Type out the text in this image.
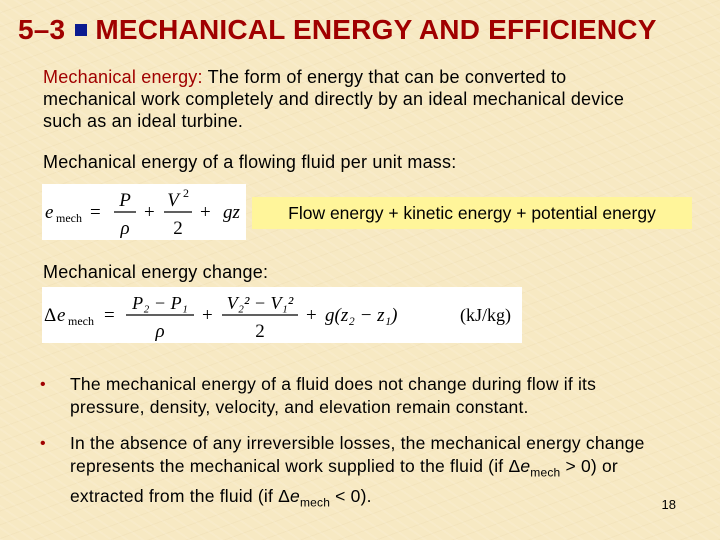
5–3 MECHANICAL ENERGY AND EFFICIENCY
Mechanical energy: The form of energy that can be converted to mechanical work completely and directly by an ideal mechanical device such as an ideal turbine.
Mechanical energy of a flowing fluid per unit mass:
e mech =
P
ρ
+
V 2
2
+ gz	Flow energy + kinetic energy + potential energy
Mechanical energy change:
Δ e mech =
P₂ − P₁
ρ
+
V₂² − V₁²
2
+ g(z₂ − z₁)	(kJ/kg)
• The mechanical energy of a fluid does not change during flow if its pressure, density, velocity, and elevation remain constant.
• In the absence of any irreversible losses, the mechanical energy change represents the mechanical work supplied to the fluid (if $\Delta e_{mech} > 0$) or extracted from the fluid (if $\Delta e_{mech} < 0$).	18
